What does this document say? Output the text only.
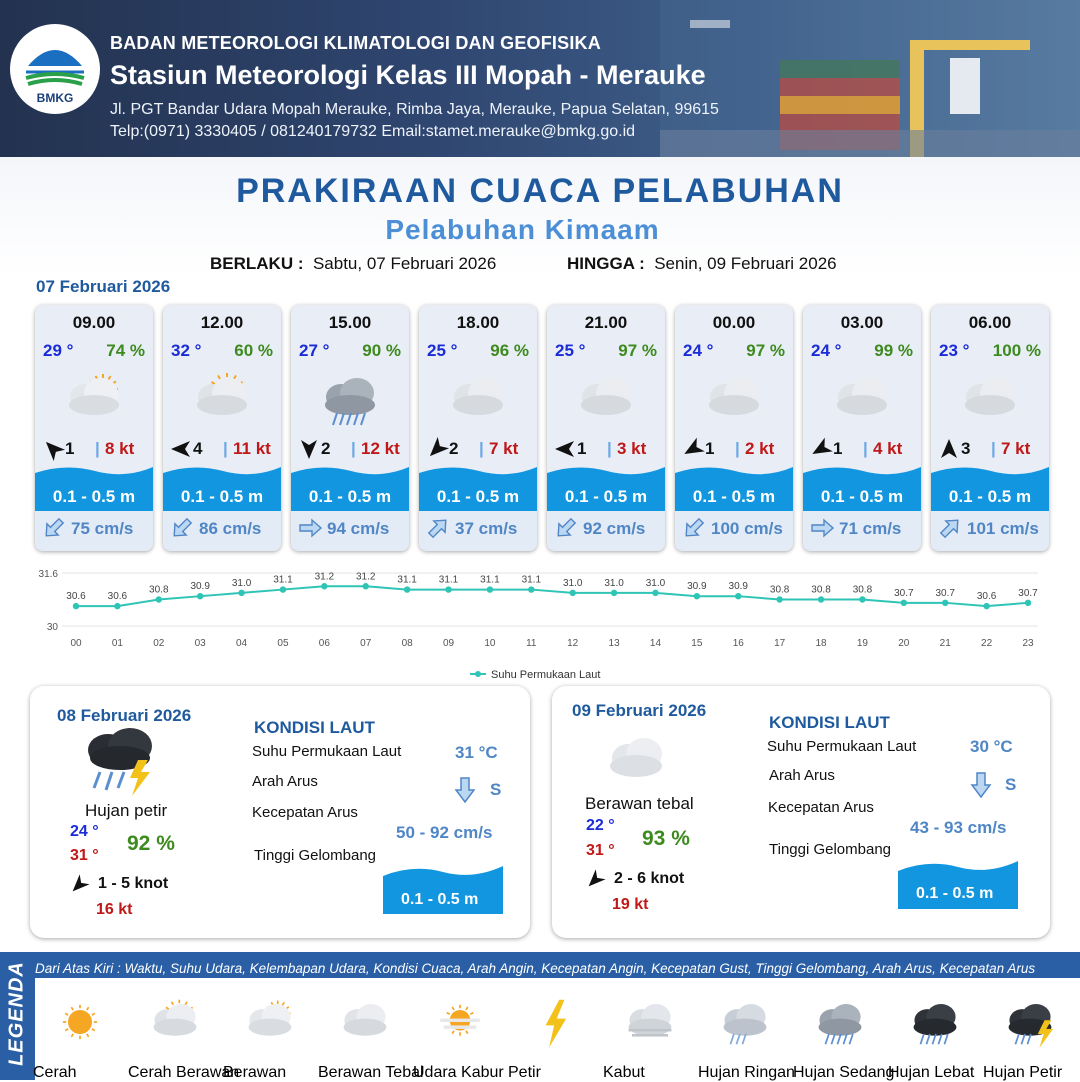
BMKG
BADAN METEOROLOGI KLIMATOLOGI DAN GEOFISIKA
Stasiun Meteorologi Kelas III Mopah - Merauke
Jl. PGT Bandar Udara Mopah Merauke, Rimba Jaya, Merauke, Papua Selatan, 99615
Telp:(0971) 3330405 / 081240179732 Email:stamet.merauke@bmkg.go.id
PRAKIRAAN CUACA PELABUHAN
Pelabuhan Kimaam
BERLAKU : Sabtu, 07 Februari 2026	HINGGA : Senin, 09 Februari 2026
07 Februari 2026
09.00
29 ° 74 %
1 | 8 kt
0.1 - 0.5 m
75 cm/s
12.00
32 ° 60 %
4 | 11 kt
0.1 - 0.5 m
86 cm/s
15.00
27 ° 90 %
2 | 12 kt
0.1 - 0.5 m
94 cm/s
18.00
25 ° 96 %
2 | 7 kt
0.1 - 0.5 m
37 cm/s
21.00
25 ° 97 %
1 | 3 kt
0.1 - 0.5 m
92 cm/s
00.00
24 ° 97 %
1 | 2 kt
0.1 - 0.5 m
100 cm/s
03.00
24 ° 99 %
1 | 4 kt
0.1 - 0.5 m
71 cm/s
06.00
23 ° 100 %
3 | 7 kt
0.1 - 0.5 m
101 cm/s
31.6
30
30.6
00
30.6
01
30.8
02
30.9
03
31.0
04
31.1
05
31.2
06
31.2
07
31.1
08
31.1
09
31.1
10
31.1
11
31.0
12
31.0
13
31.0
14
30.9
15
30.9
16
30.8
17
30.8
18
30.8
19
30.7
20
30.7
21
30.6
22
30.7
23
Suhu Permukaan Laut
08 Februari 2026
Hujan petir
24 °
31 °
92 %
1 - 5 knot
16 kt
KONDISI LAUT
Suhu Permukaan Laut	31 °C
Arah Arus	S
Kecepatan Arus
50 - 92 cm/s
Tinggi Gelombang
0.1 - 0.5 m
09 Februari 2026
Berawan tebal
22 °
31 °
93 %
2 - 6 knot
19 kt
KONDISI LAUT
Suhu Permukaan Laut	30 °C
Arah Arus	S
Kecepatan Arus
43 - 93 cm/s
Tinggi Gelombang
0.1 - 0.5 m
LEGENDA Dari Atas Kiri : Waktu, Suhu Udara, Kelembapan Udara, Kondisi Cuaca, Arah Angin, Kecepatan Angin, Kecepatan Gust, Tinggi Gelombang, Arah Arus, Kecepatan Arus
Cerah	Cerah Berawan
Berawan Berawan Tebal
Udara Kabur Petir	Kabut	Hujan Ringan
Hujan Sedang
Hujan Lebat Hujan Petir
